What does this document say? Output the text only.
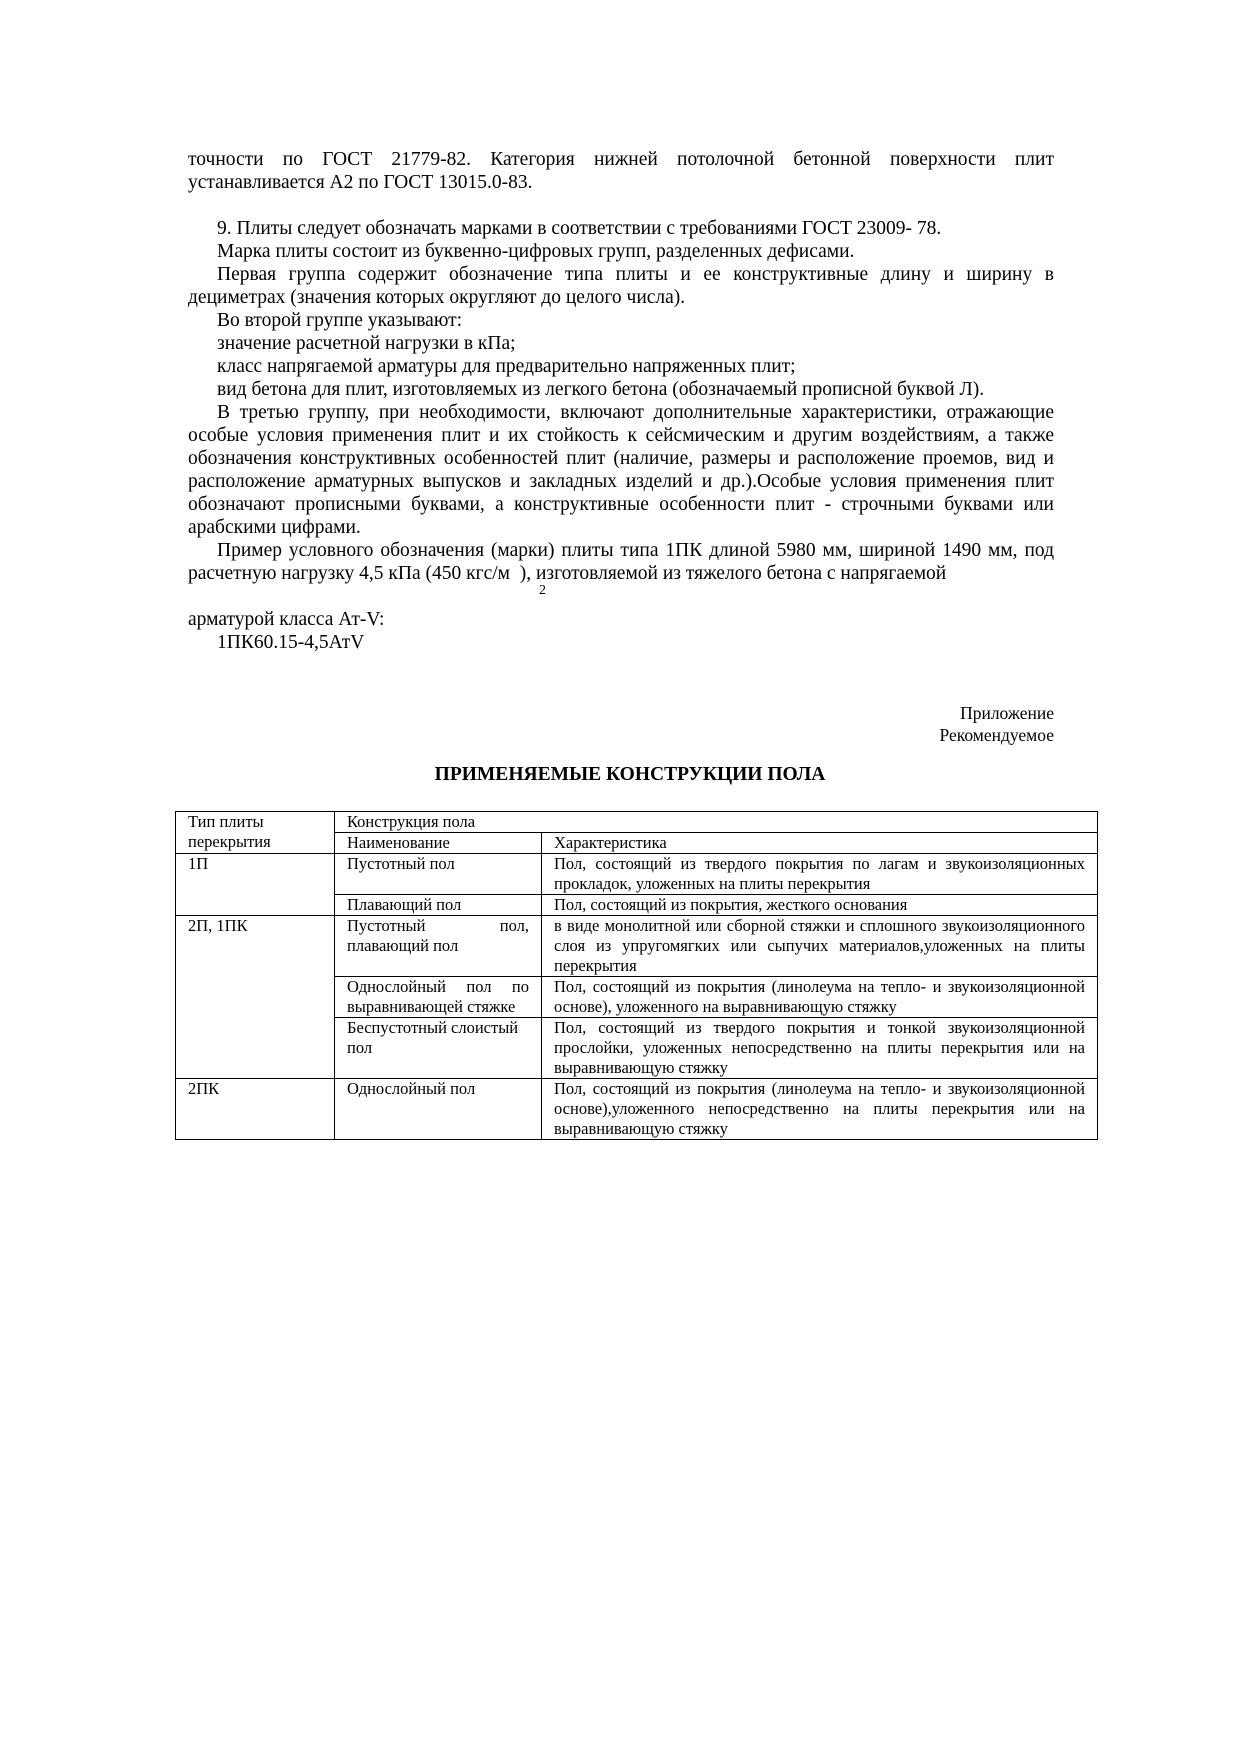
точности по ГОСТ 21779-82. Категория нижней потолочной бетонной поверхности плит устанавливается А2 по ГОСТ 13015.0-83.

9. Плиты следует обозначать марками в соответствии с требованиями ГОСТ 23009- 78.

Марка плиты состоит из буквенно-цифровых групп, разделенных дефисами.

Первая группа содержит обозначение типа плиты и ее конструктивные длину и ширину в дециметрах (значения которых округляют до целого числа).

Во второй группе указывают:

значение расчетной нагрузки в кПа;

класс напрягаемой арматуры для предварительно напряженных плит;

вид бетона для плит, изготовляемых из легкого бетона (обозначаемый прописной буквой Л).

В третью группу, при необходимости, включают дополнительные характеристики, отражающие особые условия применения плит и их стойкость к сейсмическим и другим воздействиям, а также обозначения конструктивных особенностей плит (наличие, размеры и расположение проемов, вид и расположение арматурных выпусков и закладных изделий и др.).Особые условия применения плит обозначают прописными буквами, а конструктивные особенности плит - строчными буквами или арабскими цифрами.

Пример условного обозначения (марки) плиты типа 1ПК длиной 5980 мм, шириной 1490 мм, под расчетную нагрузку 4,5 кПа (450 кгс/м
2
), изготовляемой из тяжелого бетона с напрягаемой

арматурой класса Ат-V:

1ПК60.15-4,5АтV

Приложение
Рекомендуемое
ПРИМЕНЯЕМЫЕ КОНСТРУКЦИИ ПОЛА
Тип плиты
перекрытия	Конструкция пола	
	Наименование	Характеристика
1П	Пустотный пол	Пол, состоящий из твердого покрытия по лагам и звукоизоляционных прокладок, уложенных на плиты перекрытия
	Плавающий пол	Пол, состоящий из покрытия, жесткого основания
2П, 1ПК	Пустотный пол, плавающий пол	в виде монолитной или сборной стяжки и сплошного звукоизоляционного слоя из упругомягких или сыпучих материалов,уложенных на плиты перекрытия
	Однослойный пол по выравнивающей стяжке	Пол, состоящий из покрытия (линолеума на тепло- и звукоизоляционной основе), уложенного на выравнивающую стяжку
	Беспустотный слоистый пол	Пол, состоящий из твердого покрытия и тонкой звукоизоляционной прослойки, уложенных непосредственно на плиты перекрытия или на выравнивающую стяжку
2ПК	Однослойный пол	Пол, состоящий из покрытия (линолеума на тепло- и звукоизоляционной основе),уложенного непосредственно на плиты перекрытия или на выравнивающую стяжку
